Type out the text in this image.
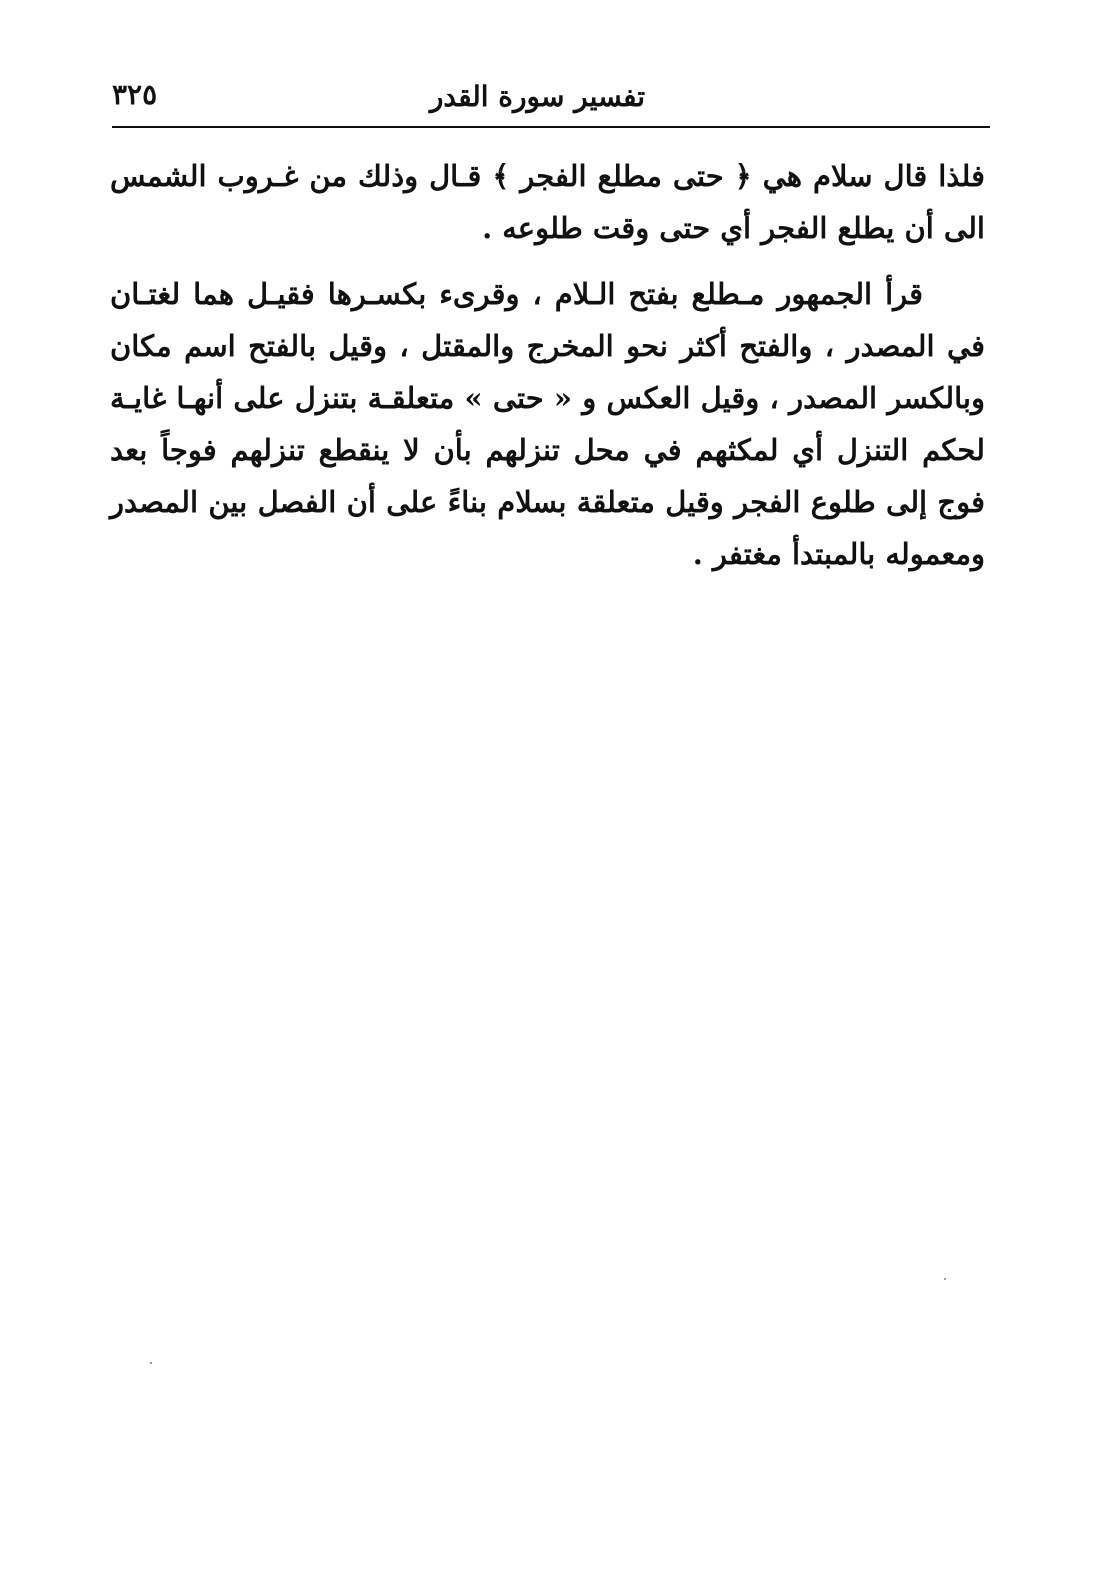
تفسير سورة القدر
٣٢٥

فلذا قال سلام هي ﴿ حتى مطلع الفجر ﴾ قـال وذلك من غـروب الشمس الى أن يطلع الفجر أي حتى وقت طلوعه .

قرأ الجمهور مـطلع بفتح الـلام ، وقرىء بكسـرها فقيـل هما لغتـان في المصدر ، والفتح أكثر نحو المخرج والمقتل ، وقيل بالفتح اسم مكان وبالكسر المصدر ، وقيل العكس و « حتى » متعلقـة بتنزل على أنهـا غايـة لحكم التنزل أي لمكثهم في محل تنزلهم بأن لا ينقطع تنزلهم فوجاً بعد فوج إلى طلوع الفجر وقيل متعلقة بسلام بناءً على أن الفصل بين المصدر ومعموله بالمبتدأ مغتفر .
